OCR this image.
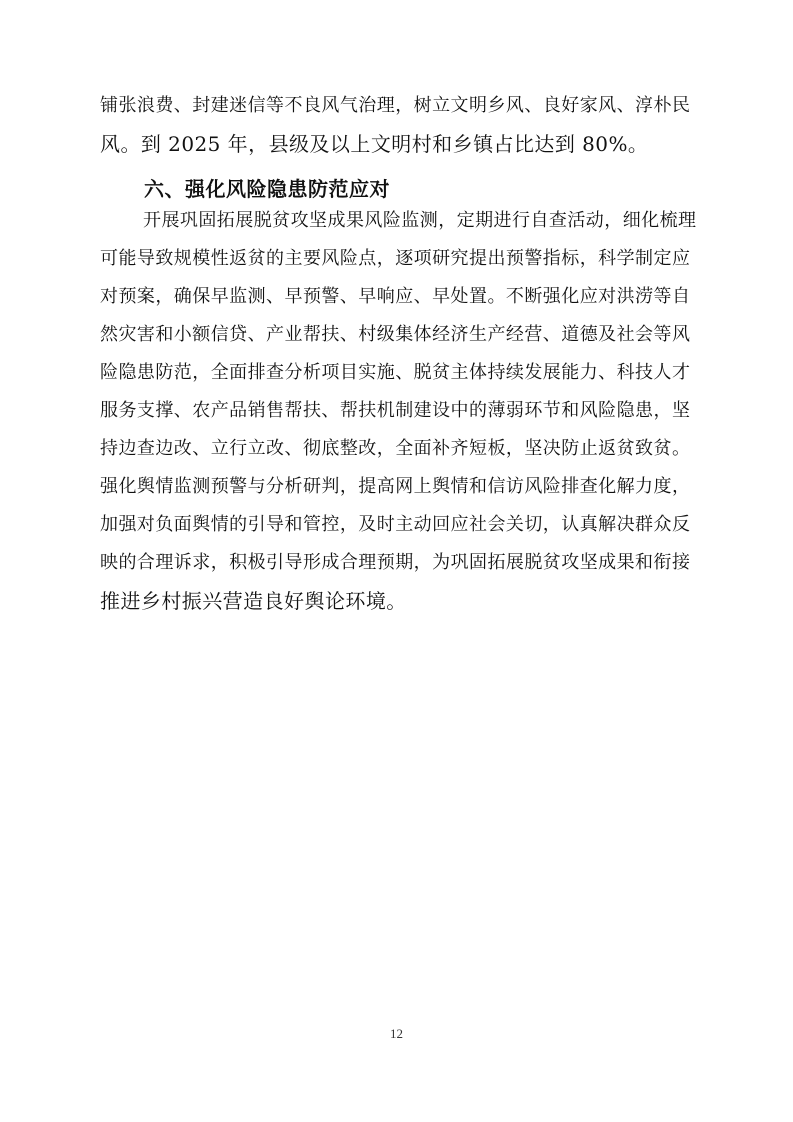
铺张浪费、封建迷信等不良风气治理，树立文明乡风、良好家风、淳朴民
风。到 2025 年，县级及以上文明村和乡镇占比达到 80%。
六、强化风险隐患防范应对
开展巩固拓展脱贫攻坚成果风险监测，定期进行自查活动，细化梳理
可能导致规模性返贫的主要风险点，逐项研究提出预警指标，科学制定应
对预案，确保早监测、早预警、早响应、早处置。不断强化应对洪涝等自
然灾害和小额信贷、产业帮扶、村级集体经济生产经营、道德及社会等风
险隐患防范，全面排查分析项目实施、脱贫主体持续发展能力、科技人才
服务支撑、农产品销售帮扶、帮扶机制建设中的薄弱环节和风险隐患，坚
持边查边改、立行立改、彻底整改，全面补齐短板，坚决防止返贫致贫。
强化舆情监测预警与分析研判，提高网上舆情和信访风险排查化解力度，
加强对负面舆情的引导和管控，及时主动回应社会关切，认真解决群众反
映的合理诉求，积极引导形成合理预期，为巩固拓展脱贫攻坚成果和衔接
推进乡村振兴营造良好舆论环境。
12
